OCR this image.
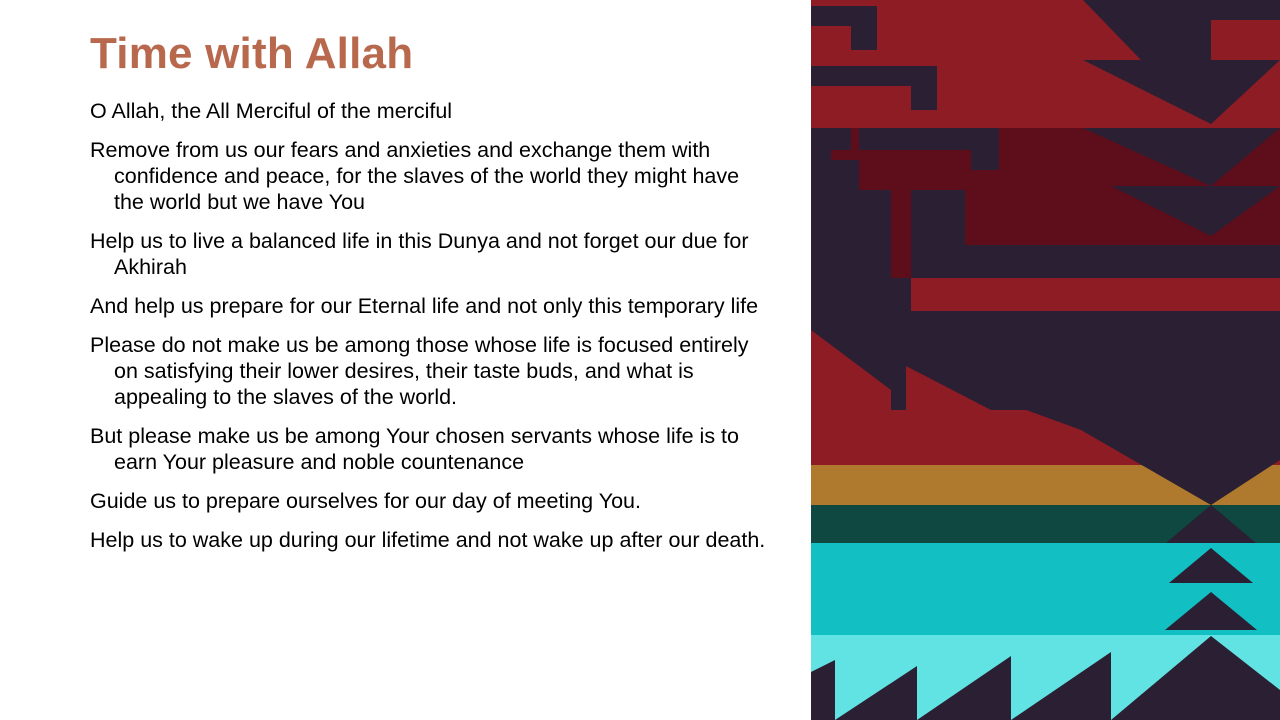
Time with Allah
O Allah, the All Merciful of the merciful
Remove from us our fears and anxieties and exchange them with confidence and peace, for the slaves of the world they might have the world but we have You
Help us to live a balanced life in this Dunya and not forget our due for Akhirah
And help us prepare for our Eternal life and not only this temporary life
Please do not make us be among those whose life is focused entirely on satisfying their lower desires, their taste buds, and what is appealing to the slaves of the world.
But please make us be among Your chosen servants whose life is to earn Your pleasure and noble countenance
Guide us to prepare ourselves for our day of meeting You.
Help us to wake up during our lifetime and not wake up after our death.
